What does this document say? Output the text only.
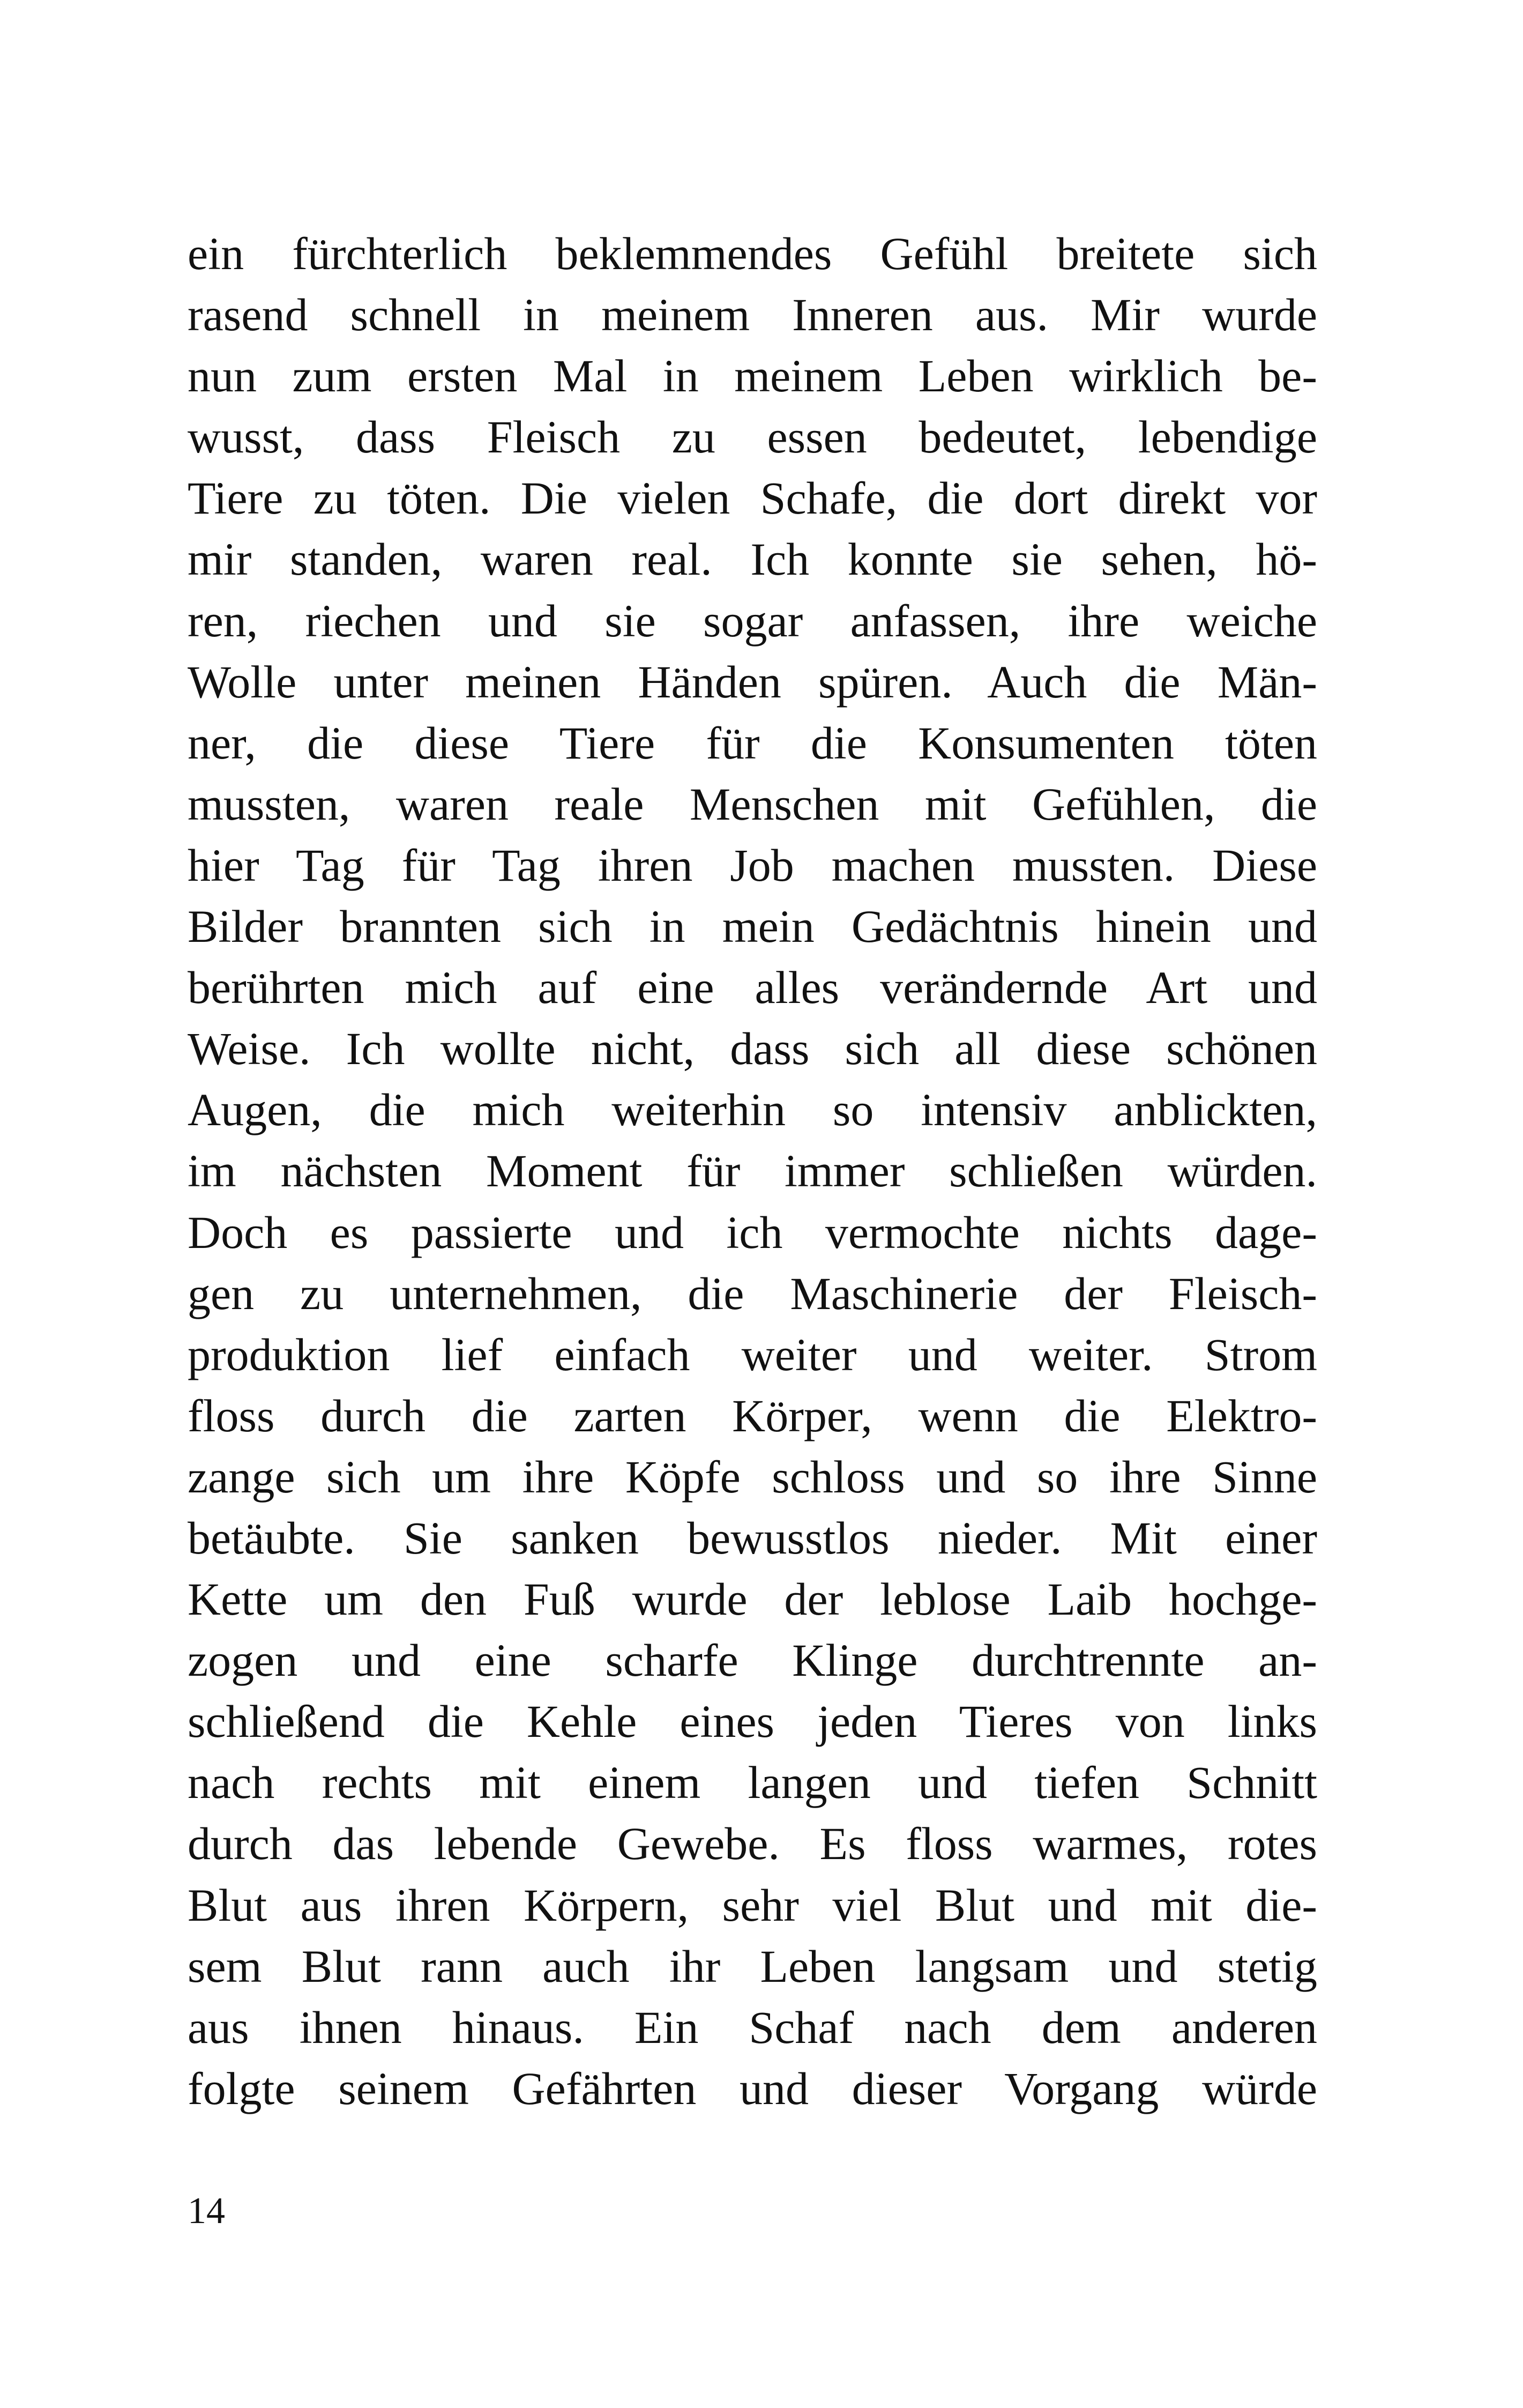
ein fürchterlich beklemmendes Gefühl breitete sich
rasend schnell in meinem Inneren aus. Mir wurde
nun zum ersten Mal in meinem Leben wirklich be-
wusst, dass Fleisch zu essen bedeutet, lebendige
Tiere zu töten. Die vielen Schafe, die dort direkt vor
mir standen, waren real. Ich konnte sie sehen, hö-
ren, riechen und sie sogar anfassen, ihre weiche
Wolle unter meinen Händen spüren. Auch die Män-
ner, die diese Tiere für die Konsumenten töten
mussten, waren reale Menschen mit Gefühlen, die
hier Tag für Tag ihren Job machen mussten. Diese
Bilder brannten sich in mein Gedächtnis hinein und
berührten mich auf eine alles verändernde Art und
Weise. Ich wollte nicht, dass sich all diese schönen
Augen, die mich weiterhin so intensiv anblickten,
im nächsten Moment für immer schließen würden.
Doch es passierte und ich vermochte nichts dage-
gen zu unternehmen, die Maschinerie der Fleisch-
produktion lief einfach weiter und weiter. Strom
floss durch die zarten Körper, wenn die Elektro-
zange sich um ihre Köpfe schloss und so ihre Sinne
betäubte. Sie sanken bewusstlos nieder. Mit einer
Kette um den Fuß wurde der leblose Laib hochge-
zogen und eine scharfe Klinge durchtrennte an-
schließend die Kehle eines jeden Tieres von links
nach rechts mit einem langen und tiefen Schnitt
durch das lebende Gewebe. Es floss warmes, rotes
Blut aus ihren Körpern, sehr viel Blut und mit die-
sem Blut rann auch ihr Leben langsam und stetig
aus ihnen hinaus. Ein Schaf nach dem anderen
folgte seinem Gefährten und dieser Vorgang würde
14
